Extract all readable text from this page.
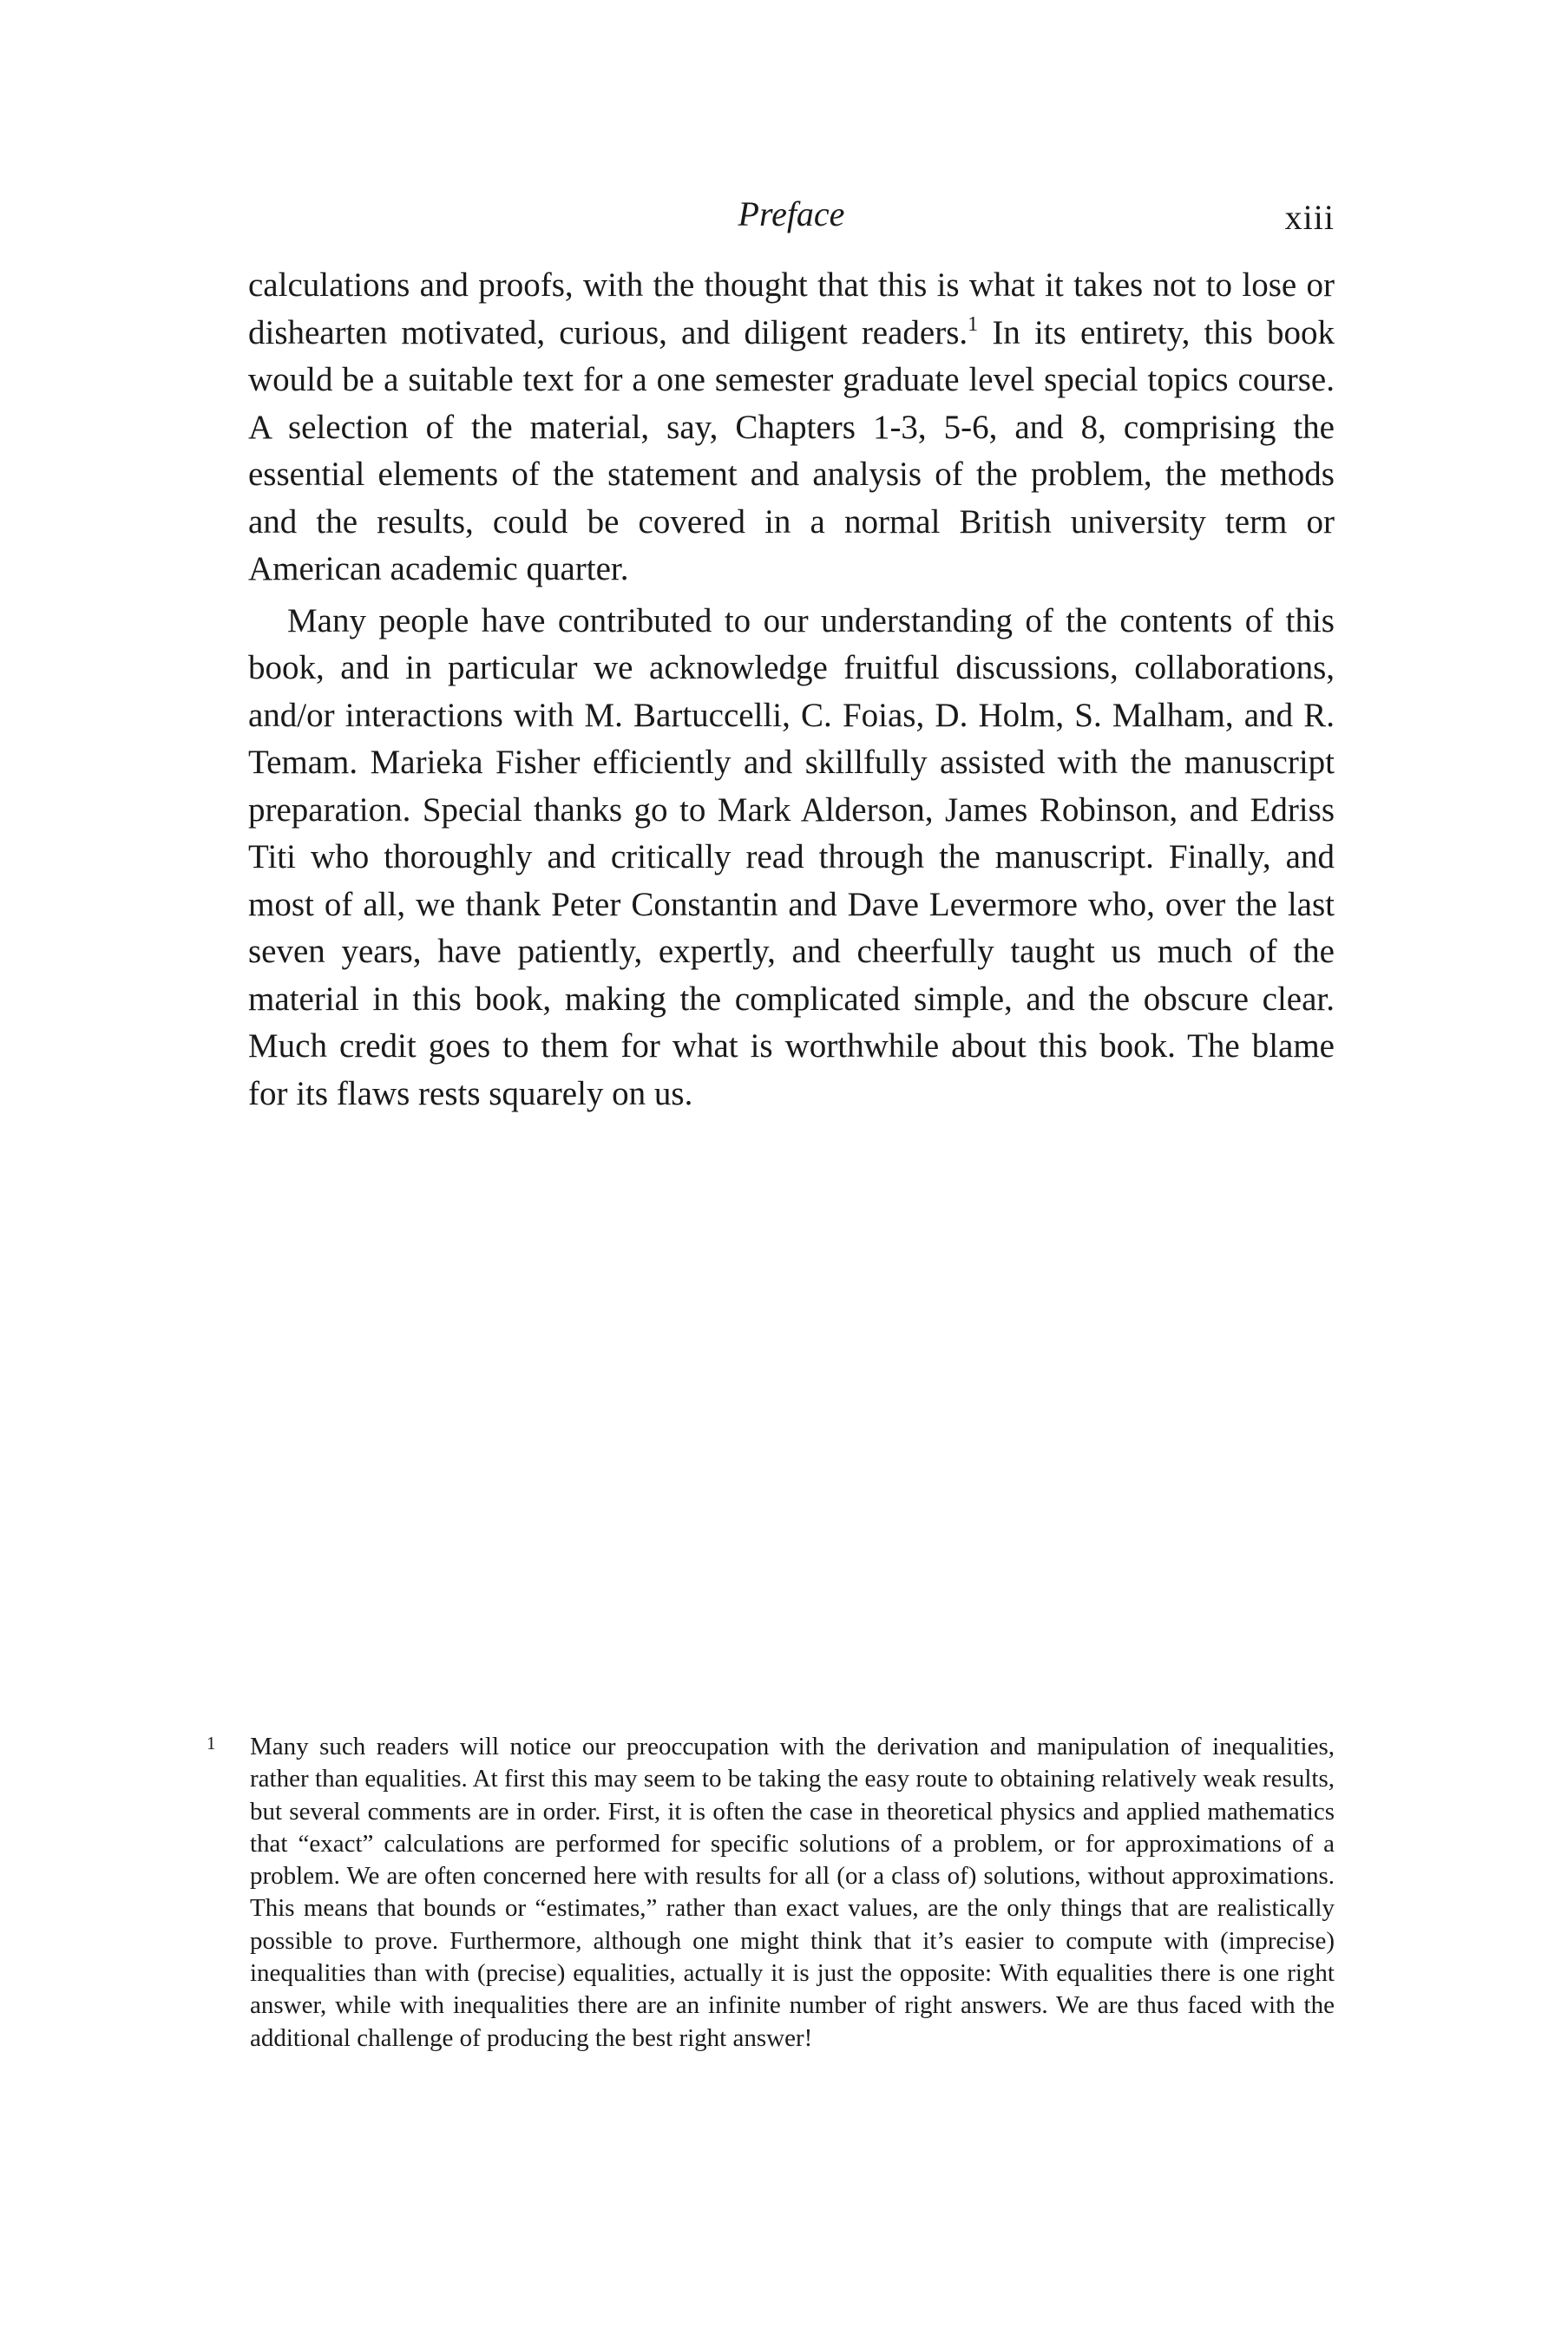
Preface	xiii

calculations and proofs, with the thought that this is what it takes not to lose or dishearten motivated, curious, and diligent readers.$^1$ In its entirety, this book would be a suitable text for a one semester graduate level special topics course. A selection of the material, say, Chapters 1-3, 5-6, and 8, comprising the essential elements of the statement and analysis of the problem, the methods and the results, could be covered in a normal British university term or American academic quarter.

Many people have contributed to our understanding of the contents of this book, and in particular we acknowledge fruitful discussions, collaborations, and/or interactions with M. Bartuccelli, C. Foias, D. Holm, S. Malham, and R. Temam. Marieka Fisher efficiently and skillfully assisted with the manuscript preparation. Special thanks go to Mark Alderson, James Robinson, and Edriss Titi who thoroughly and critically read through the manuscript. Finally, and most of all, we thank Peter Constantin and Dave Levermore who, over the last seven years, have patiently, expertly, and cheerfully taught us much of the material in this book, making the complicated simple, and the obscure clear. Much credit goes to them for what is worthwhile about this book. The blame for its flaws rests squarely on us.

1 Many such readers will notice our preoccupation with the derivation and manipulation of inequalities, rather than equalities. At first this may seem to be taking the easy route to obtaining relatively weak results, but several comments are in order. First, it is often the case in theoretical physics and applied mathematics that “exact” calculations are performed for specific solutions of a problem, or for approximations of a problem. We are often concerned here with results for all (or a class of) solutions, without approximations. This means that bounds or “estimates,” rather than exact values, are the only things that are realistically possible to prove. Furthermore, although one might think that it’s easier to compute with (imprecise) inequalities than with (precise) equalities, actually it is just the opposite: With equalities there is one right answer, while with inequalities there are an infinite number of right answers. We are thus faced with the additional challenge of producing the best right answer!
